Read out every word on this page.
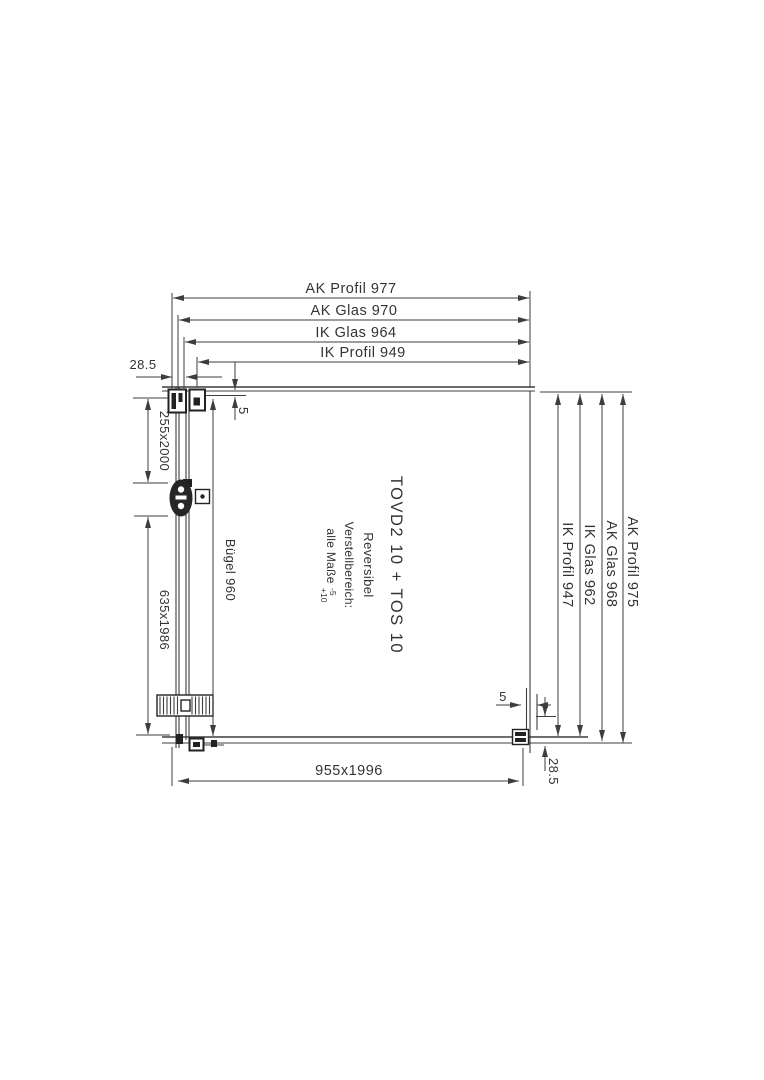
AK Profil 977
AK Glas 970
IK Glas 964
IK Profil 949
28.5
5
IK Profil 947 IK Glas 962 AK Glas 968 AK Profil 975
255x2000
635x1986
Bügel 960
955x1996
5
28.5
TOVD2 10 + TOS 10
Reversibel
Verstellbereich:
alle Maße
-5
+10
